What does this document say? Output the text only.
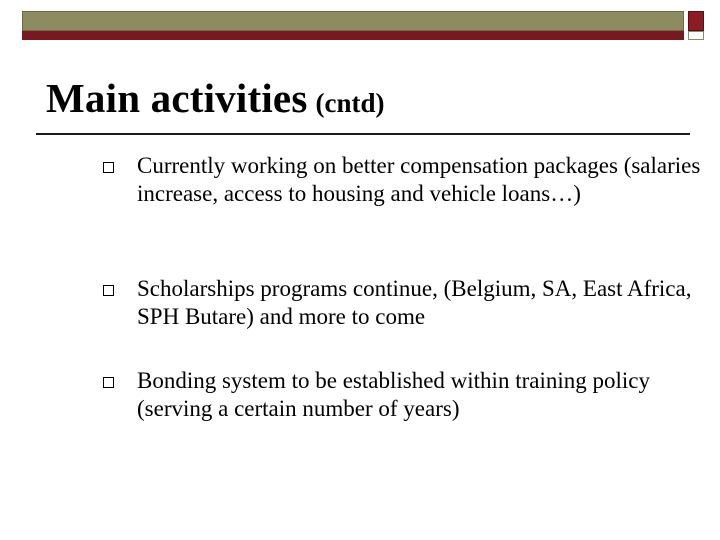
Main activities (cntd)
Currently working on better compensation packages (salaries increase, access to housing and vehicle loans…)
Scholarships programs continue, (Belgium, SA, East Africa, SPH Butare) and more to come
Bonding system to be established within training policy (serving a certain number of years)
